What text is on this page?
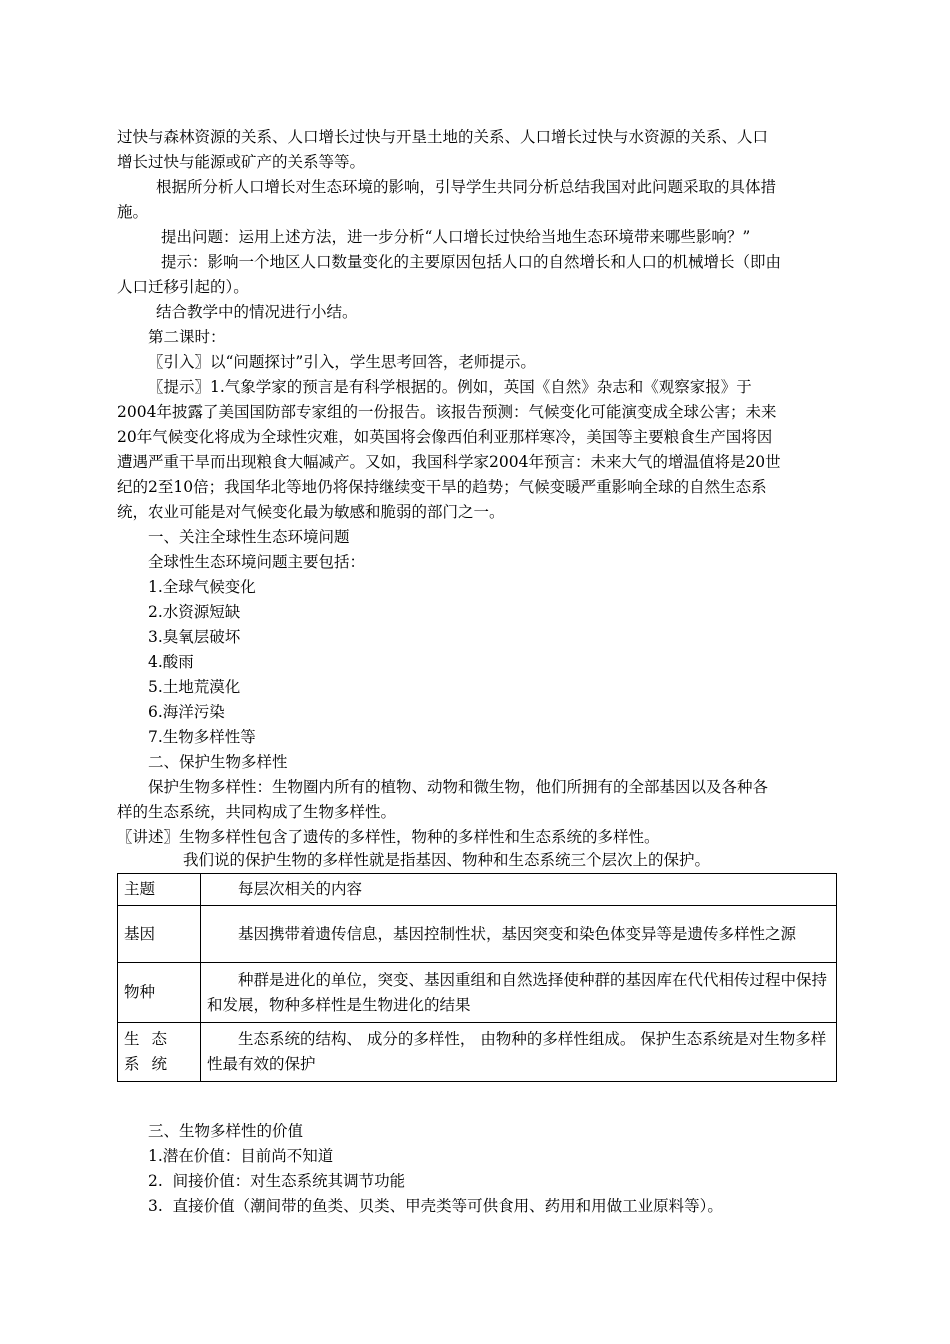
过快与森林资源的关系、人口增长过快与开垦土地的关系、人口增长过快与水资源的关系、人口
增长过快与能源或矿产的关系等等。
根据所分析人口增长对生态环境的影响，引导学生共同分析总结我国对此问题采取的具体措
施。
提出问题：运用上述方法，进一步分析“人口增长过快给当地生态环境带来哪些影响？”
提示：影响一个地区人口数量变化的主要原因包括人口的自然增长和人口的机械增长（即由
人口迁移引起的）。
结合教学中的情况进行小结。
第二课时：
〖引入〗以“问题探讨”引入，学生思考回答，老师提示。
〖提示〗1.气象学家的预言是有科学根据的。例如，英国《自然》杂志和《观察家报》于
2004年披露了美国国防部专家组的一份报告。该报告预测：气候变化可能演变成全球公害；未来
20年气候变化将成为全球性灾难，如英国将会像西伯利亚那样寒冷，美国等主要粮食生产国将因
遭遇严重干旱而出现粮食大幅减产。又如，我国科学家2004年预言：未来大气的增温值将是20世
纪的2至10倍；我国华北等地仍将保持继续变干旱的趋势；气候变暖严重影响全球的自然生态系
统，农业可能是对气候变化最为敏感和脆弱的部门之一。
一、关注全球性生态环境问题
全球性生态环境问题主要包括：
1.全球气候变化
2.水资源短缺
3.臭氧层破坏
4.酸雨
5.土地荒漠化
6.海洋污染
7.生物多样性等
二、保护生物多样性
保护生物多样性：生物圈内所有的植物、动物和微生物，他们所拥有的全部基因以及各种各
样的生态系统，共同构成了生物多样性。
〖讲述〗生物多样性包含了遗传的多样性，物种的多样性和生态系统的多样性。
我们说的保护生物的多样性就是指基因、物种和生态系统三个层次上的保护。
主题	每层次相关的内容
基因	基因携带着遗传信息，基因控制性状，基因突变和染色体变异等是遗传多样性之源
物种	种群是进化的单位，突变、基因重组和自然选择使种群的基因库在代代相传过程中保持和发展，物种多样性是生物进化的结果
生态系统	生态系统的结构、 成分的多样性， 由物种的多样性组成。 保护生态系统是对生物多样性最有效的保护
三、生物多样性的价值
1.潜在价值：目前尚不知道
2.  间接价值：对生态系统其调节功能
3.  直接价值（潮间带的鱼类、贝类、甲壳类等可供食用、药用和用做工业原料等）。
